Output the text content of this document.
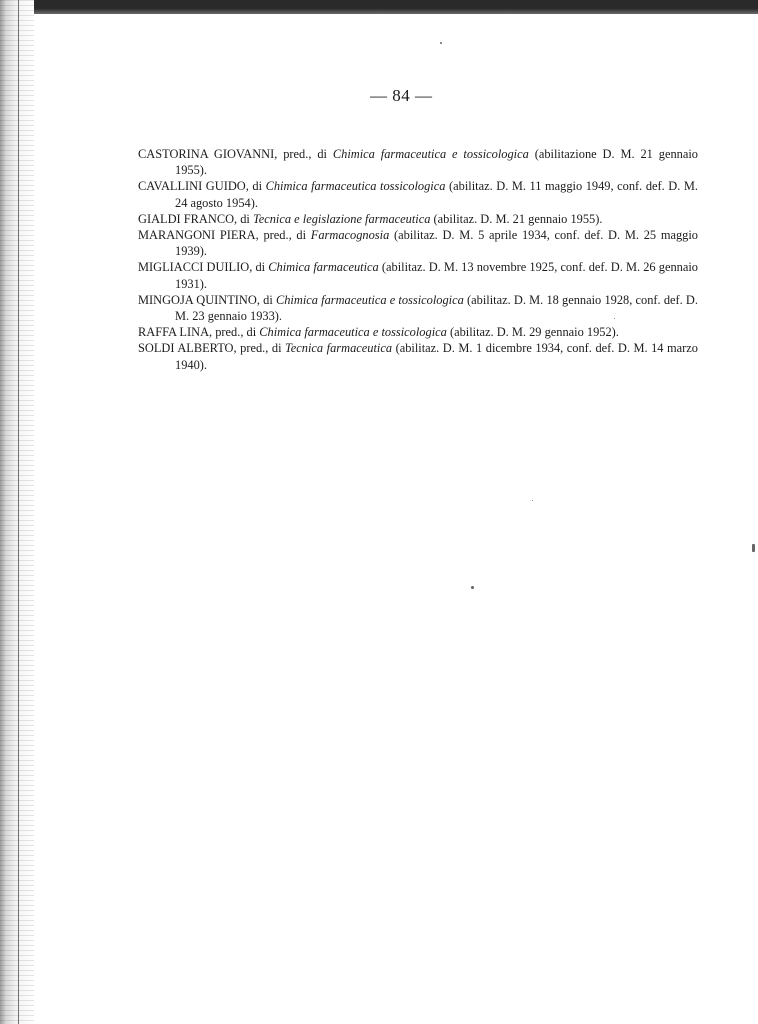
— 84 —

CASTORINA GIOVANNI, pred., di Chimica farmaceutica e tossicologica (abilitazione D. M. 21 gennaio 1955).

CAVALLINI GUIDO, di Chimica farmaceutica tossicologica (abilitaz. D. M. 11 maggio 1949, conf. def. D. M. 24 agosto 1954).

GIALDI FRANCO, di Tecnica e legislazione farmaceutica (abilitaz. D. M. 21 gennaio 1955).

MARANGONI PIERA, pred., di Farmacognosia (abilitaz. D. M. 5 aprile 1934, conf. def. D. M. 25 maggio 1939).

MIGLIACCI DUILIO, di Chimica farmaceutica (abilitaz. D. M. 13 novembre 1925, conf. def. D. M. 26 gennaio 1931).

MINGOJA QUINTINO, di Chimica farmaceutica e tossicologica (abilitaz. D. M. 18 gennaio 1928, conf. def. D. M. 23 gennaio 1933).

RAFFA LINA, pred., di Chimica farmaceutica e tossicologica (abilitaz. D. M. 29 gennaio 1952).

SOLDI ALBERTO, pred., di Tecnica farmaceutica (abilitaz. D. M. 1 dicembre 1934, conf. def. D. M. 14 marzo 1940).
